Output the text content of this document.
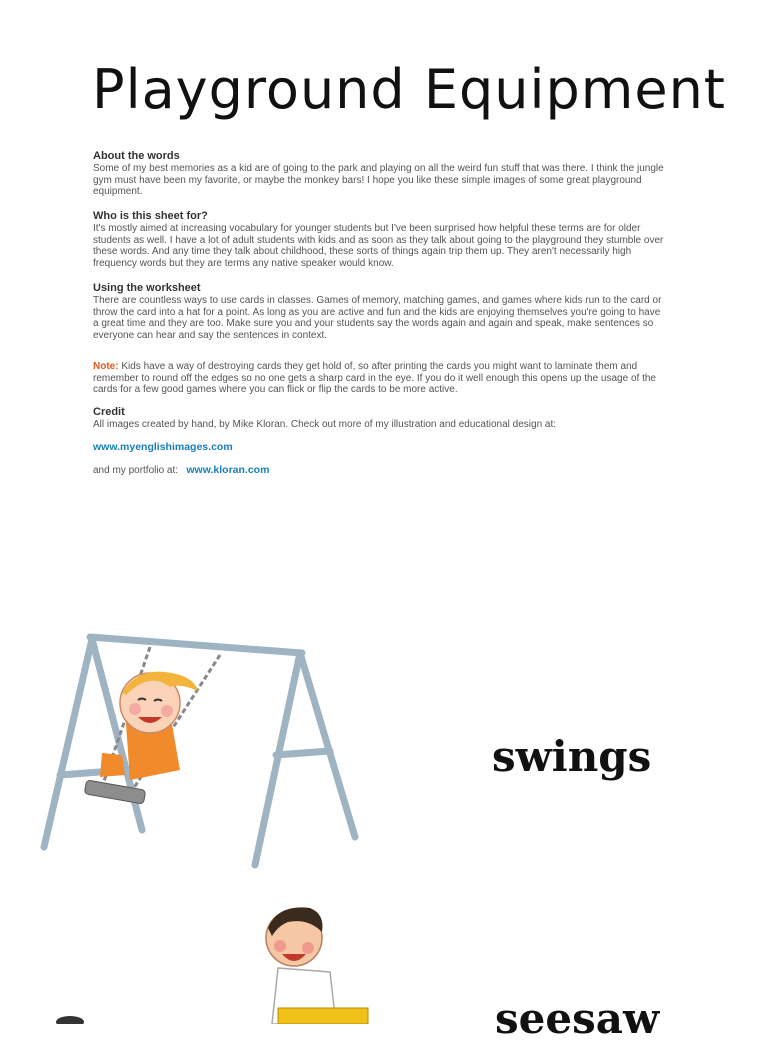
Playground Equipment
About the words

Some of my best memories as a kid are of going to the park and playing on all the weird fun stuff that was there. I think the jungle gym must have been my favorite, or maybe the monkey bars! I hope you like these simple images of some great playground equipment.

Who is this sheet for?

It's mostly aimed at increasing vocabulary for younger students but I've been surprised how helpful these terms are for older students as well. I have a lot of adult students with kids and as soon as they talk about going to the playground they stumble over these words. And any time they talk about childhood, these sorts of things again trip them up. They aren't necessarily high frequency words but they are terms any native speaker would know.

Using the worksheet

There are countless ways to use cards in classes. Games of memory, matching games, and games where kids run to the card or throw the card into a hat for a point. As long as you are active and fun and the kids are enjoying themselves you're going to have a great time and they are too. Make sure you and your students say the words again and again and speak, make sentences so everyone can hear and say the sentences in context.

Note: Kids have a way of destroying cards they get hold of, so after printing the cards you might want to laminate them and remember to round off the edges so no one gets a sharp card in the eye. If you do it well enough this opens up the usage of the cards for a few good games where you can flick or flip the cards to be more active.

Credit

All images created by hand, by Mike Kloran. Check out more of my illustration and educational design at:

www.myenglishimages.com
and my portfolio at: www.kloran.com
swings
seesaw
